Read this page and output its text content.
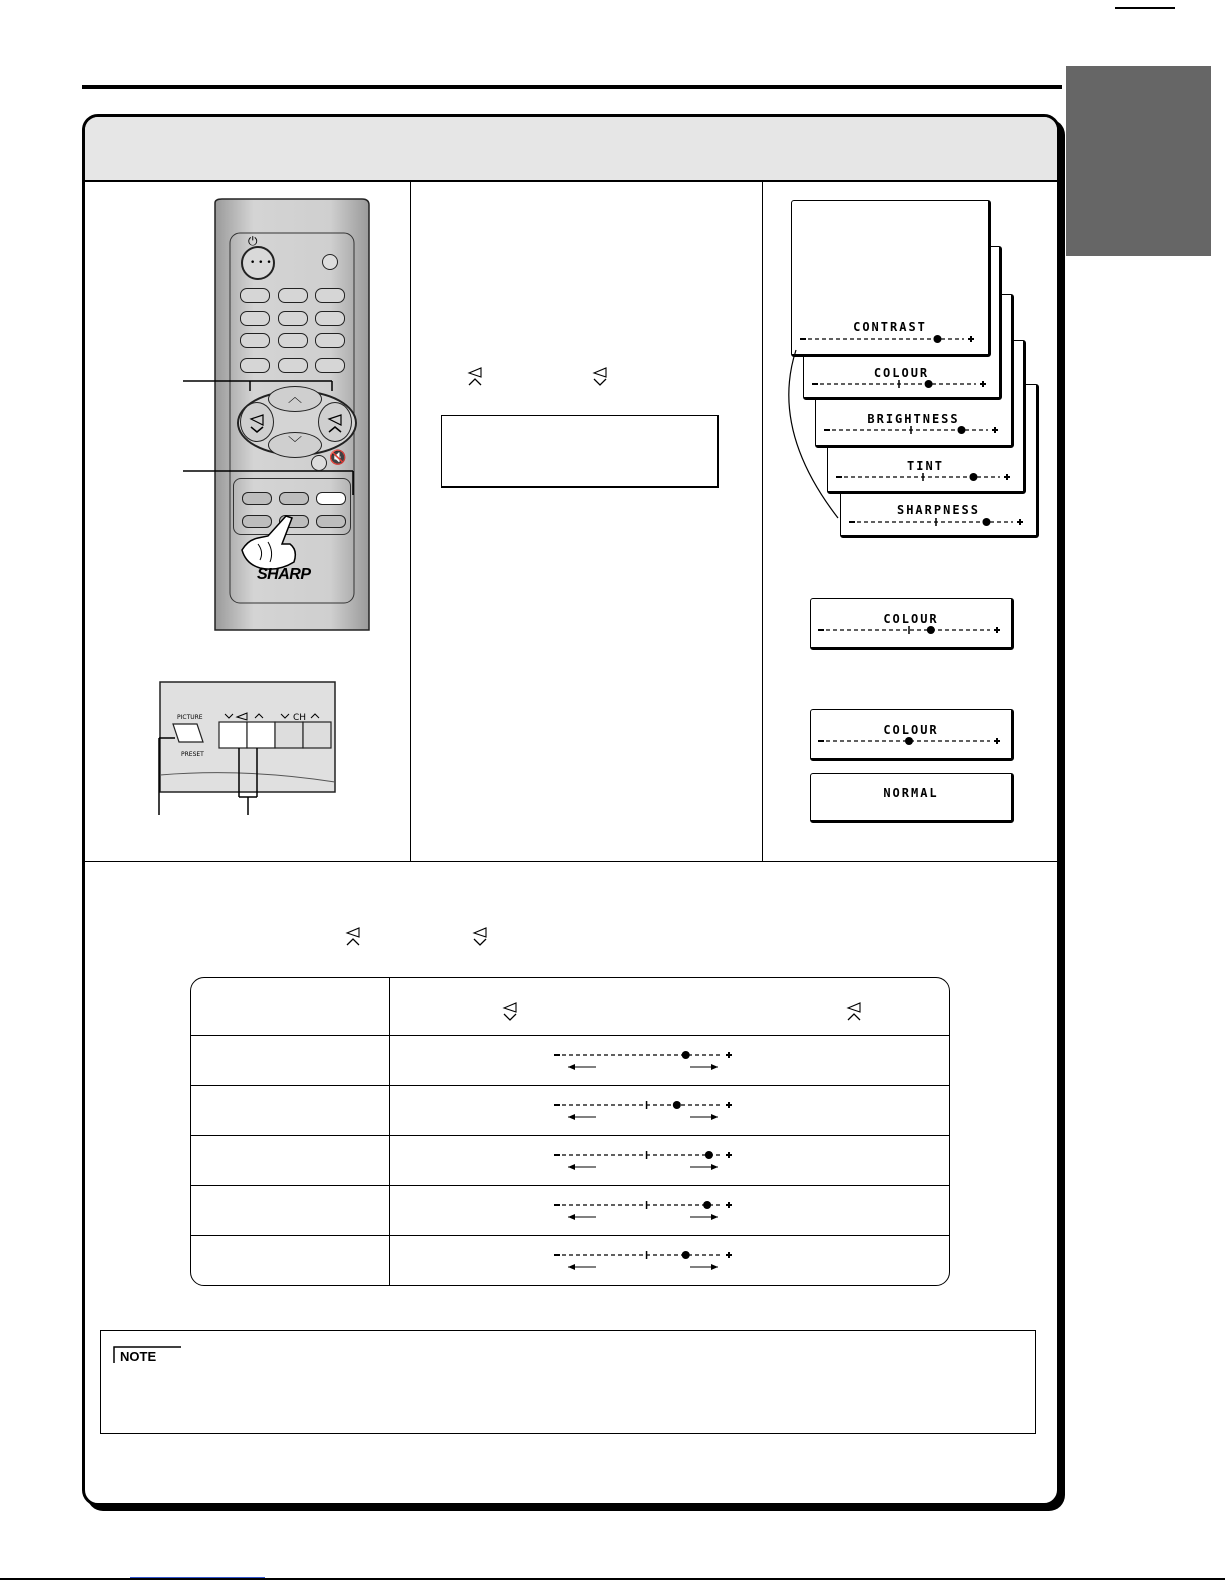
• • •
⏻
︿
﹀
🔇
SHARP
PICTURE
PRESET
CH
SHARPNESS
TINT
BRIGHTNESS
COLOUR
CONTRAST
COLOUR
COLOUR
NORMAL
NOTE
